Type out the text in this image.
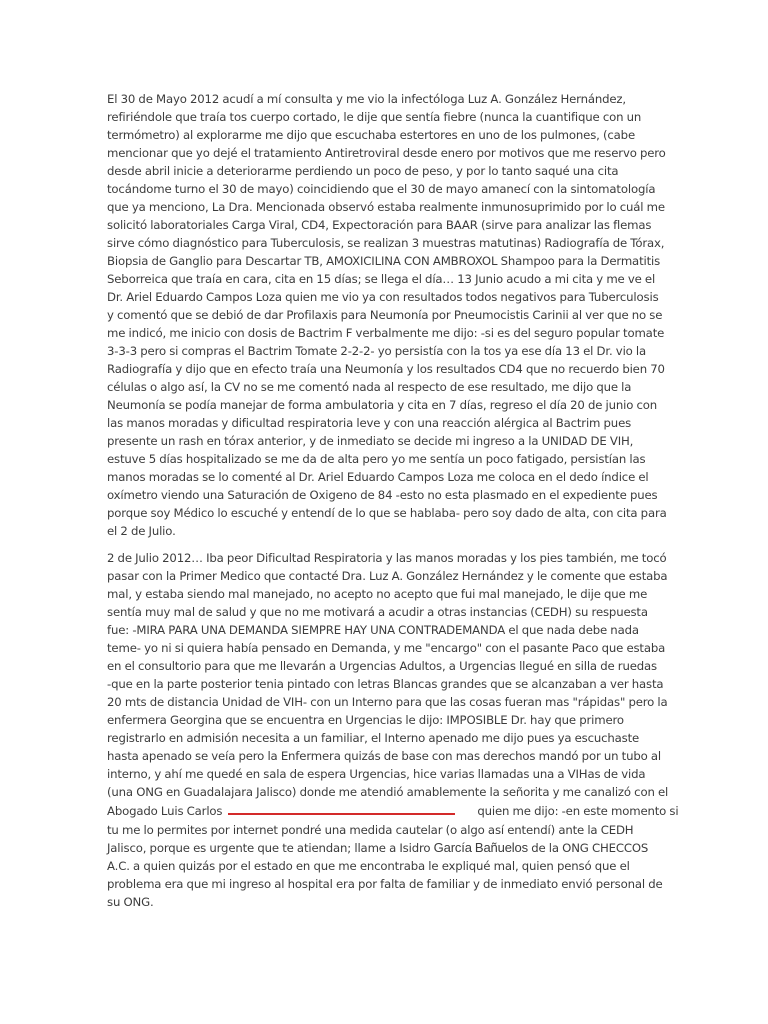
El 30 de Mayo 2012 acudí a mí consulta y me vio la infectóloga Luz A. González Hernández,
refiriéndole que traía tos cuerpo cortado, le dije que sentía fiebre (nunca la cuantifique con un
termómetro) al explorarme me dijo que escuchaba estertores en uno de los pulmones, (cabe
mencionar que yo dejé el tratamiento Antiretroviral desde enero por motivos que me reservo pero
desde abril inicie a deteriorarme perdiendo un poco de peso, y por lo tanto saqué una cita
tocándome turno el 30 de mayo) coincidiendo que el 30 de mayo amanecí con la sintomatología
que ya menciono, La Dra. Mencionada observó estaba realmente inmunosuprimido por lo cuál me
solicitó laboratoriales Carga Viral, CD4, Expectoración para BAAR (sirve para analizar las flemas
sirve cómo diagnóstico para Tuberculosis, se realizan 3 muestras matutinas) Radiografía de Tórax,
Biopsia de Ganglio para Descartar TB, AMOXICILINA CON AMBROXOL Shampoo para la Dermatitis
Seborreica que traía en cara, cita en 15 días; se llega el día… 13 Junio acudo a mi cita y me ve el
Dr. Ariel Eduardo Campos Loza quien me vio ya con resultados todos negativos para Tuberculosis
y comentó que se debió de dar Profilaxis para Neumonía por Pneumocistis Carinii al ver que no se
me indicó, me inicio con dosis de Bactrim F verbalmente me dijo: -si es del seguro popular tomate
3-3-3 pero si compras el Bactrim Tomate 2-2-2- yo persistía con la tos ya ese día 13 el Dr. vio la
Radiografía y dijo que en efecto traía una Neumonía y los resultados CD4 que no recuerdo bien 70
células o algo así, la CV no se me comentó nada al respecto de ese resultado, me dijo que la
Neumonía se podía manejar de forma ambulatoria y cita en 7 días, regreso el día 20 de junio con
las manos moradas y dificultad respiratoria leve y con una reacción alérgica al Bactrim pues
presente un rash en tórax anterior, y de inmediato se decide mi ingreso a la UNIDAD DE VIH,
estuve 5 días hospitalizado se me da de alta pero yo me sentía un poco fatigado, persistían las
manos moradas se lo comenté al Dr. Ariel Eduardo Campos Loza me coloca en el dedo índice el
oxímetro viendo una Saturación de Oxigeno de 84 -esto no esta plasmado en el expediente pues
porque soy Médico lo escuché y entendí de lo que se hablaba- pero soy dado de alta, con cita para
el 2 de Julio.

2 de Julio 2012… Iba peor Dificultad Respiratoria y las manos moradas y los pies también, me tocó
pasar con la Primer Medico que contacté Dra. Luz A. González Hernández y le comente que estaba
mal, y estaba siendo mal manejado, no acepto no acepto que fui mal manejado, le dije que me
sentía muy mal de salud y que no me motivará a acudir a otras instancias (CEDH) su respuesta
fue: -MIRA PARA UNA DEMANDA SIEMPRE HAY UNA CONTRADEMANDA el que nada debe nada
teme- yo ni si quiera había pensado en Demanda, y me "encargo" con el pasante Paco que estaba
en el consultorio para que me llevarán a Urgencias Adultos, a Urgencias llegué en silla de ruedas
-que en la parte posterior tenia pintado con letras Blancas grandes que se alcanzaban a ver hasta
20 mts de distancia Unidad de VIH- con un Interno para que las cosas fueran mas "rápidas" pero la
enfermera Georgina que se encuentra en Urgencias le dijo: IMPOSIBLE Dr. hay que primero
registrarlo en admisión necesita a un familiar, el Interno apenado me dijo pues ya escuchaste
hasta apenado se veía pero la Enfermera quizás de base con mas derechos mandó por un tubo al
interno, y ahí me quedé en sala de espera Urgencias, hice varias llamadas una a VIHas de vida
(una ONG en Guadalajara Jalisco) donde me atendió amablemente la señorita y me canalizó con el

Abogado Luis Carlos	quien me dijo: -en este momento si

tu me lo permites por internet pondré una medida cautelar (o algo así entendí) ante la CEDH
Jalisco, porque es urgente que te atiendan; llame a Isidro García Bañuelos de la ONG CHECCOS
A.C. a quien quizás por el estado en que me encontraba le expliqué mal, quien pensó que el
problema era que mi ingreso al hospital era por falta de familiar y de inmediato envió personal de
su ONG.
